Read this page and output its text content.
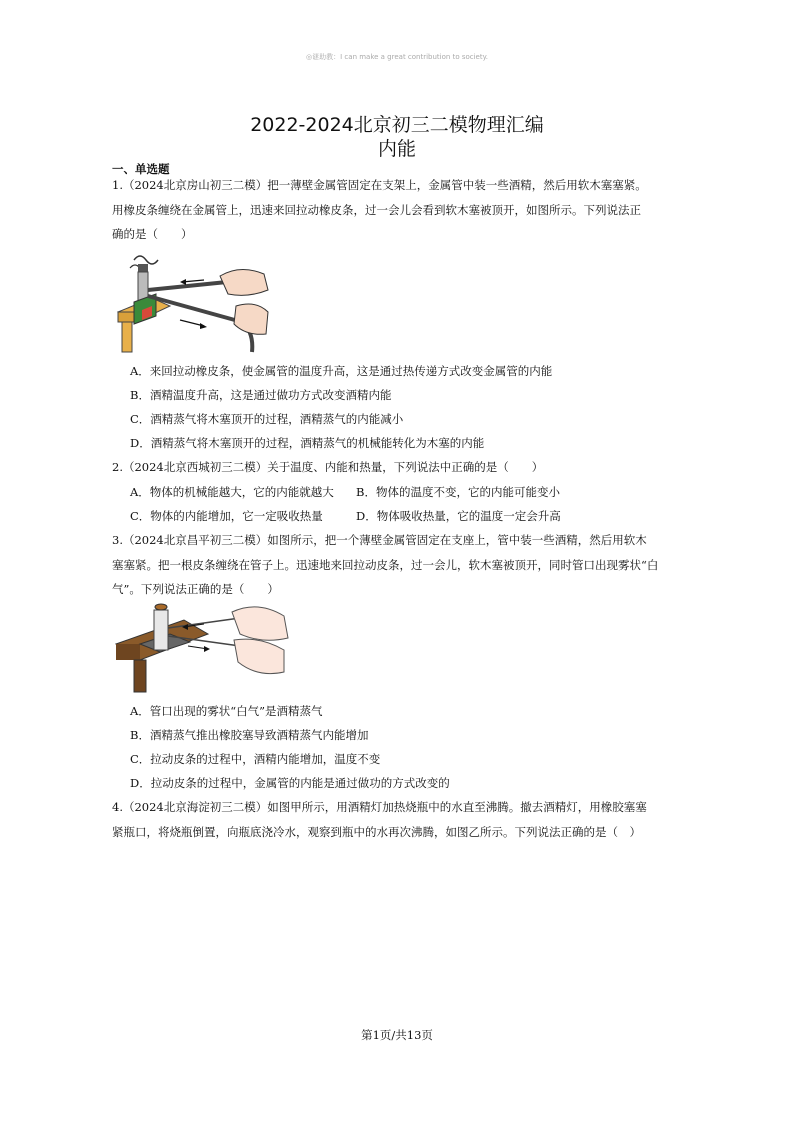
◎谜助教：I can make a great contribution to society.
2022-2024北京初三二模物理汇编
内能
一、单选题
1.（2024北京房山初三二模）把一薄壁金属管固定在支架上，金属管中装一些酒精，然后用软木塞塞紧。
用橡皮条缠绕在金属管上，迅速来回拉动橡皮条，过一会儿会看到软木塞被顶开，如图所示。下列说法正
确的是（　　）
A．来回拉动橡皮条，使金属管的温度升高，这是通过热传递方式改变金属管的内能
B．酒精温度升高，这是通过做功方式改变酒精内能
C．酒精蒸气将木塞顶开的过程，酒精蒸气的内能减小
D．酒精蒸气将木塞顶开的过程，酒精蒸气的机械能转化为木塞的内能
2.（2024北京西城初三二模）关于温度、内能和热量，下列说法中正确的是（　　）
A．物体的机械能越大，它的内能就越大 B．物体的温度不变，它的内能可能变小
C．物体的内能增加，它一定吸收热量	D．物体吸收热量，它的温度一定会升高
3.（2024北京昌平初三二模）如图所示，把一个薄壁金属管固定在支座上，管中装一些酒精，然后用软木
塞塞紧。把一根皮条缠绕在管子上。迅速地来回拉动皮条，过一会儿，软木塞被顶开，同时管口出现雾状“白
气”。下列说法正确的是（　　）
A．管口出现的雾状“白气”是酒精蒸气
B．酒精蒸气推出橡胶塞导致酒精蒸气内能增加
C．拉动皮条的过程中，酒精内能增加，温度不变
D．拉动皮条的过程中，金属管的内能是通过做功的方式改变的
4.（2024北京海淀初三二模）如图甲所示，用酒精灯加热烧瓶中的水直至沸腾。撤去酒精灯，用橡胶塞塞
紧瓶口，将烧瓶倒置，向瓶底浇冷水，观察到瓶中的水再次沸腾，如图乙所示。下列说法正确的是（　）
第1页/共13页
